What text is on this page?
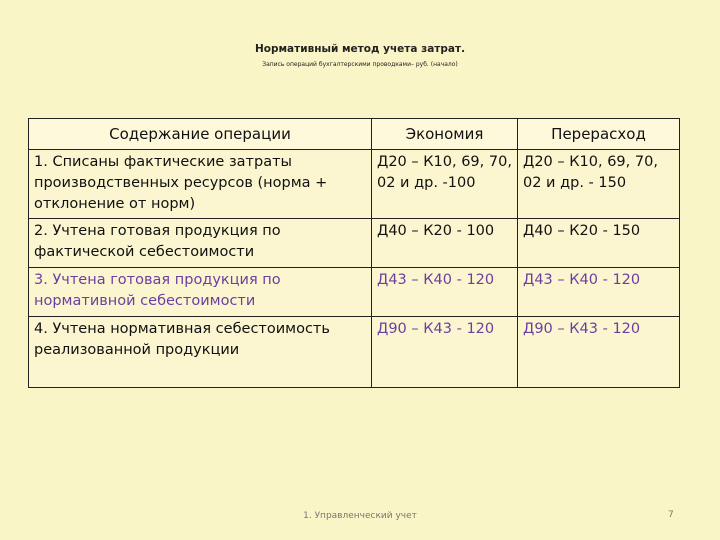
Нормативный метод учета затрат.
Запись операций бухгалтерскими проводками– руб. (начало)
Содержание операции	Экономия	Перерасход
1. Списаны фактические затраты производственных ресурсов (норма + отклонение от норм)	Д20 – К10, 69, 70, 02 и др. -100	Д20 – К10, 69, 70, 02 и др. - 150
2. Учтена готовая продукция по фактической себестоимости	Д40 – К20 - 100	Д40 – К20 - 150
3. Учтена готовая продукция по нормативной себестоимости	Д43 – К40 - 120	Д43 – К40 - 120
4. Учтена нормативная себестоимость реализованной продукции	Д90 – К43 - 120	Д90 – К43 - 120
1. Управленческий учет	7
